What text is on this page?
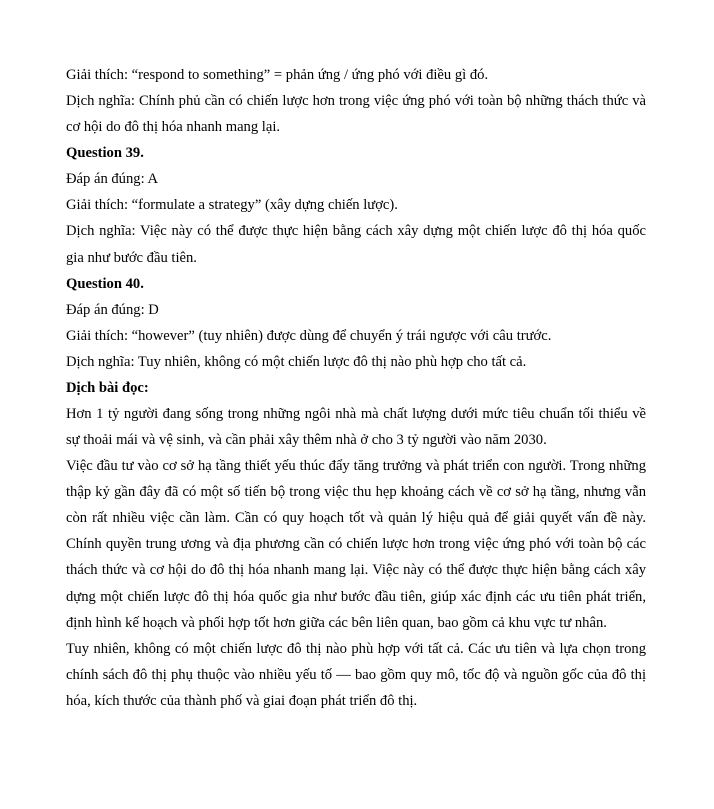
Giải thích: “respond to something” = phản ứng / ứng phó với điều gì đó.

Dịch nghĩa: Chính phủ cần có chiến lược hơn trong việc ứng phó với toàn bộ những thách thức và cơ hội do đô thị hóa nhanh mang lại.

Question 39.

Đáp án đúng: A

Giải thích: “formulate a strategy” (xây dựng chiến lược).

Dịch nghĩa: Việc này có thể được thực hiện bằng cách xây dựng một chiến lược đô thị hóa quốc gia như bước đầu tiên.

Question 40.

Đáp án đúng: D

Giải thích: “however” (tuy nhiên) được dùng để chuyển ý trái ngược với câu trước.

Dịch nghĩa: Tuy nhiên, không có một chiến lược đô thị nào phù hợp cho tất cả.

Dịch bài đọc:

Hơn 1 tỷ người đang sống trong những ngôi nhà mà chất lượng dưới mức tiêu chuẩn tối thiểu về sự thoải mái và vệ sinh, và cần phải xây thêm nhà ở cho 3 tỷ người vào năm 2030.

Việc đầu tư vào cơ sở hạ tầng thiết yếu thúc đẩy tăng trưởng và phát triển con người. Trong những thập kỷ gần đây đã có một số tiến bộ trong việc thu hẹp khoảng cách về cơ sở hạ tầng, nhưng vẫn còn rất nhiều việc cần làm. Cần có quy hoạch tốt và quản lý hiệu quả để giải quyết vấn đề này. Chính quyền trung ương và địa phương cần có chiến lược hơn trong việc ứng phó với toàn bộ các thách thức và cơ hội do đô thị hóa nhanh mang lại. Việc này có thể được thực hiện bằng cách xây dựng một chiến lược đô thị hóa quốc gia như bước đầu tiên, giúp xác định các ưu tiên phát triển, định hình kế hoạch và phối hợp tốt hơn giữa các bên liên quan, bao gồm cả khu vực tư nhân.

Tuy nhiên, không có một chiến lược đô thị nào phù hợp với tất cả. Các ưu tiên và lựa chọn trong chính sách đô thị phụ thuộc vào nhiều yếu tố — bao gồm quy mô, tốc độ và nguồn gốc của đô thị hóa, kích thước của thành phố và giai đoạn phát triển đô thị.
